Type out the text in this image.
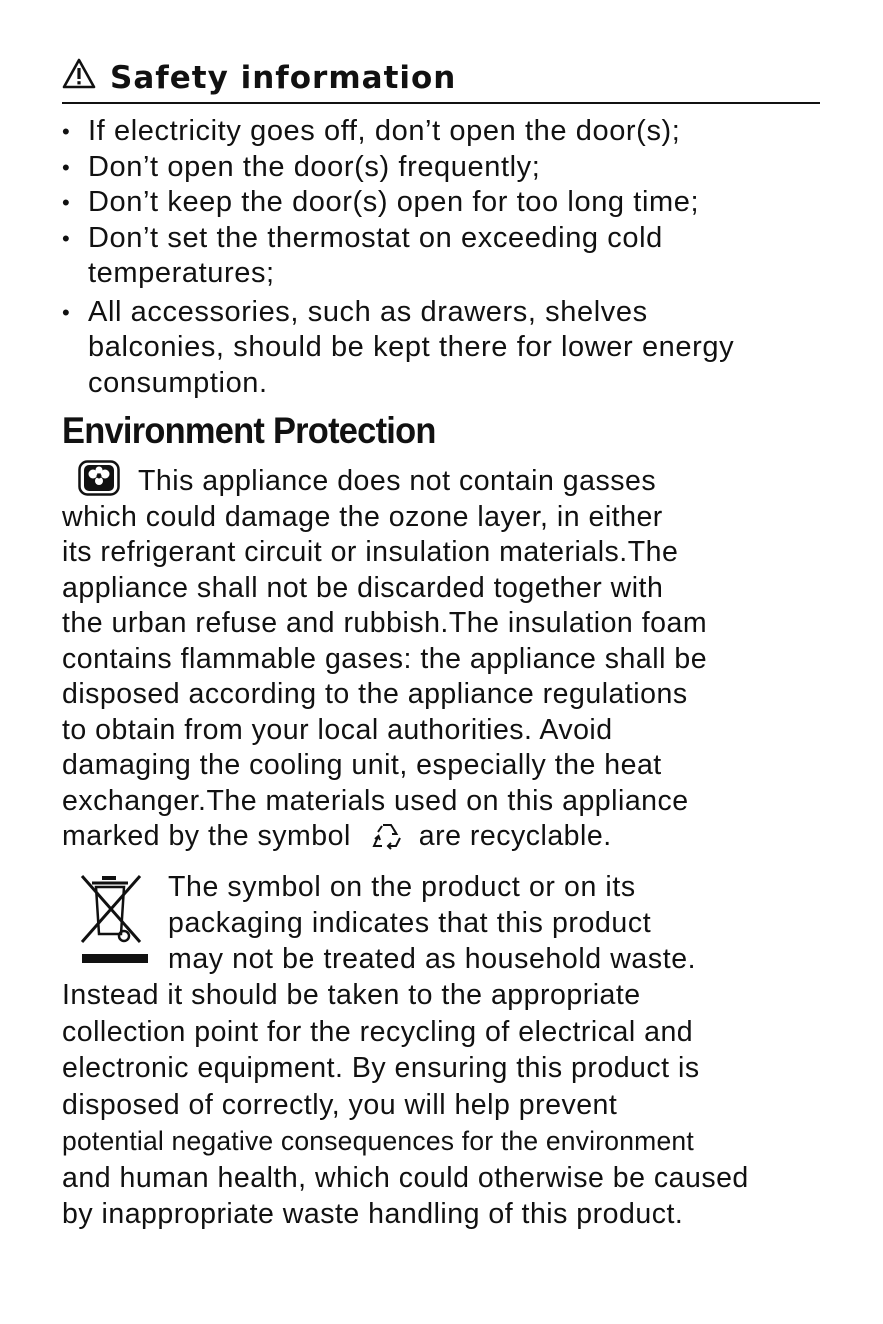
Safety information
• If electricity goes off, don’t open the door(s);
• Don’t open the door(s) frequently;
• Don’t keep the door(s) open for too long time;
• Don’t set the thermostat on exceeding cold temperatures;
• All accessories, such as drawers, shelves balconies, should be kept there for lower energy consumption.
Environment Protection
This appliance does not contain gasses
which could damage the ozone layer, in either
its refrigerant circuit or insulation materials.The
appliance shall not be discarded together with
the urban refuse and rubbish.The insulation foam
contains flammable gases: the appliance shall be
disposed according to the appliance regulations
to obtain from your local authorities. Avoid
damaging the cooling unit, especially the heat
exchanger.The materials used on this appliance
marked by the symbol are recyclable.
The symbol on the product or on its
packaging indicates that this product
may not be treated as household waste.
Instead it should be taken to the appropriate
collection point for the recycling of electrical and
electronic equipment. By ensuring this product is
disposed of correctly, you will help prevent
potential negative consequences for the environment
and human health, which could otherwise be caused
by inappropriate waste handling of this product.
